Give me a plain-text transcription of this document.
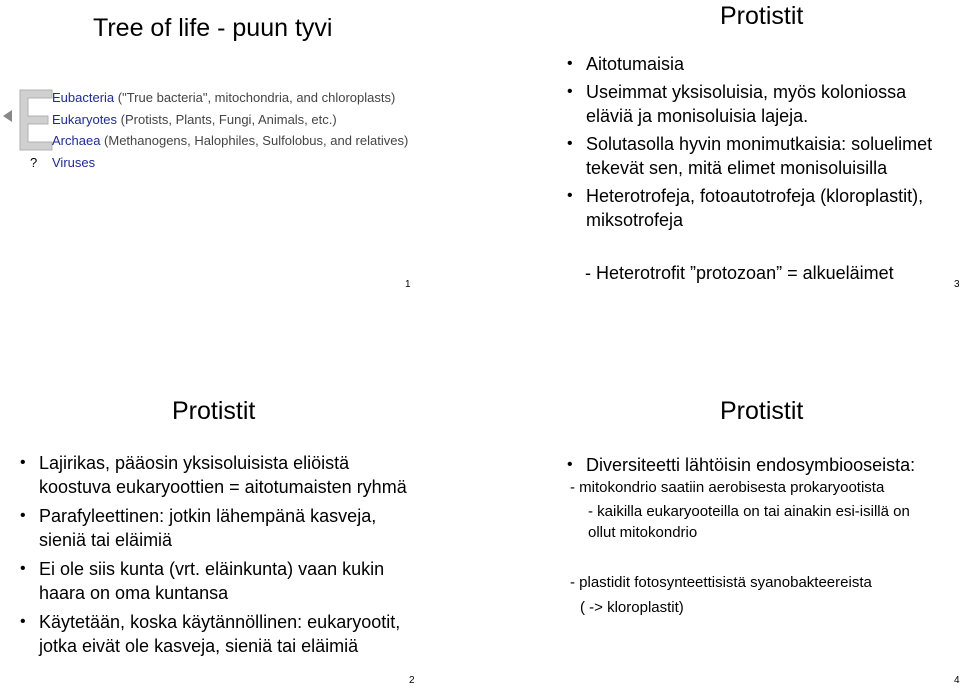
Tree of life - puun tyvi
Eubacteria ("True bacteria", mitochondria, and chloroplasts)
Eukaryotes (Protists, Plants, Fungi, Animals, etc.)
Archaea (Methanogens, Halophiles, Sulfolobus, and relatives)
? Viruses
1
Protistit
• Aitotumaisia
• Useimmat yksisoluisia, myös koloniossa eläviä ja monisoluisia lajeja.
• Solutasolla hyvin monimutkaisia: soluelimet tekevät sen, mitä elimet monisoluisilla
• Heterotrofeja, fotoautotrofeja (kloroplastit), miksotrofeja
- Heterotrofit ”protozoan” = alkueläimet
3
Protistit
• Lajirikas, pääosin yksisoluisista eliöistä koostuva eukaryoottien = aitotumaisten ryhmä
• Parafyleettinen: jotkin lähempänä kasveja, sieniä tai eläimiä
• Ei ole siis kunta (vrt. eläinkunta) vaan kukin haara on oma kuntansa
• Käytetään, koska käytännöllinen: eukaryootit, jotka eivät ole kasveja, sieniä tai eläimiä
2
Protistit
• Diversiteetti lähtöisin endosymbiooseista:
- mitokondrio saatiin aerobisesta prokaryootista
- kaikilla eukaryooteilla on tai ainakin esi-isillä on
ollut mitokondrio
- plastidit fotosynteettisistä syanobakteereista
( -> kloroplastit)
4
